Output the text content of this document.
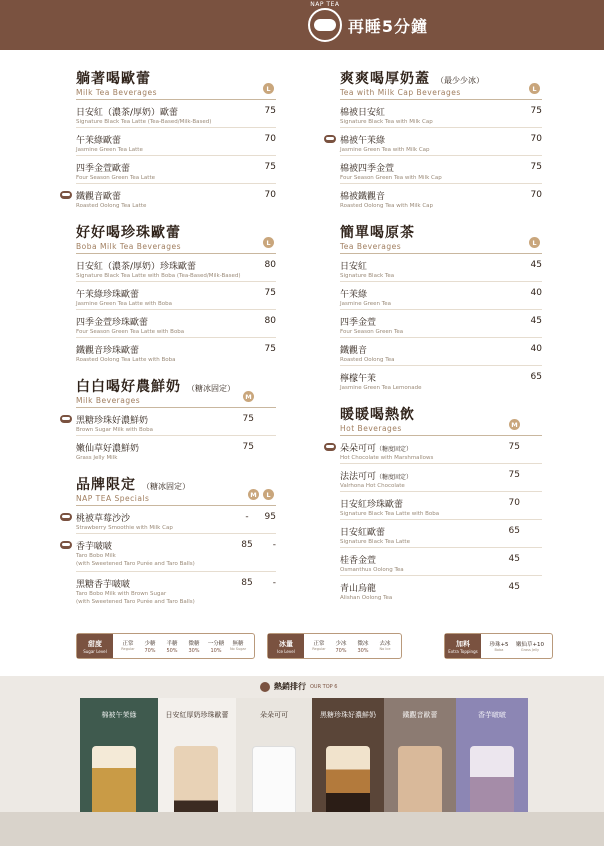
NAP TEA
再睡5分鐘
躺著喝歐蕾
Milk Tea Beverages	L
日安紅（濃茶/厚奶）歐蕾
Signature Black Tea Latte (Tea-Based/Milk-Based)
75
午茉綠歐蕾
Jasmine Green Tea Latte
70
四季金萱歐蕾
Four Season Green Tea Latte
75
鐵觀音歐蕾
Roasted Oolong Tea Latte
70
好好喝珍珠歐蕾
Boba Milk Tea Beverages	L
日安紅（濃茶/厚奶）珍珠歐蕾
Signature Black Tea Latte with Boba (Tea-Based/Milk-Based)
80
午茉綠珍珠歐蕾
Jasmine Green Tea Latte with Boba
75
四季金萱珍珠歐蕾
Four Season Green Tea Latte with Boba
80
鐵觀音珍珠歐蕾
Roasted Oolong Tea Latte with Boba
75
白白喝好農鮮奶 （糖冰固定）
Milk Beverages	M
黑糖珍珠好濃鮮奶
Brown Sugar Milk with Boba
75
嫩仙草好濃鮮奶
Grass Jelly Milk
75
品牌限定 （糖冰固定）
NAP TEA Specials	M	L
桃被草莓沙沙
Strawberry Smoothie with Milk Cap
-	95
香芋啵啵
Taro Bobo Milk
(with Sweetened Taro Purée and Taro Balls)
85 -
黑糖香芋啵啵
Taro Bobo Milk with Brown Sugar
(with Sweetened Taro Purée and Taro Balls)
85 -
爽爽喝厚奶蓋 （最少少冰）
Tea with Milk Cap Beverages	L
棉被日安紅
Signature Black Tea with Milk Cap
75
棉被午茉綠
Jasmine Green Tea with Milk Cap
70
棉被四季金萱
Four Season Green Tea with Milk Cap
75
棉被鐵觀音
Roasted Oolong Tea with Milk Cap
70
簡單喝原茶
Tea Beverages	L
日安紅
Signature Black Tea
45
午茉綠
Jasmine Green Tea
40
四季金萱
Four Season Green Tea
45
鐵觀音
Roasted Oolong Tea
40
檸檬午茉
Jasmine Green Tea Lemonade
65
暖暖喝熱飲
Hot Beverages	M
朵朵可可（糖度固定）
Hot Chocolate with Marshmallows
75
法法可可（糖度固定）
Valrhona Hot Chocolate
75
日安紅珍珠歐蕾
Signature Black Tea Latte with Boba
70
日安紅歐蕾
Signature Black Tea Latte
65
桂香金萱
Osmanthus Oolong Tea
45
青山烏龍
Alishan Oolong Tea
45
甜度
Sugar Level
正常
Regular
少糖
70%
半糖
50%
微糖
30%
一分糖
10%
無糖
No Sugar
冰量
Ice Level
正常
Regular
少冰
70%
微冰
30%
去冰
No Ice
加料
Extra Toppings
珍珠+5
Boba
嫩仙草+10
Grass Jelly
熱銷排行 OUR TOP 6
棉被午茉綠	日安紅厚奶珍珠歐蕾	朵朵可可	黑糖珍珠好濃鮮奶	鐵觀音歐蕾	香芋啵啵
